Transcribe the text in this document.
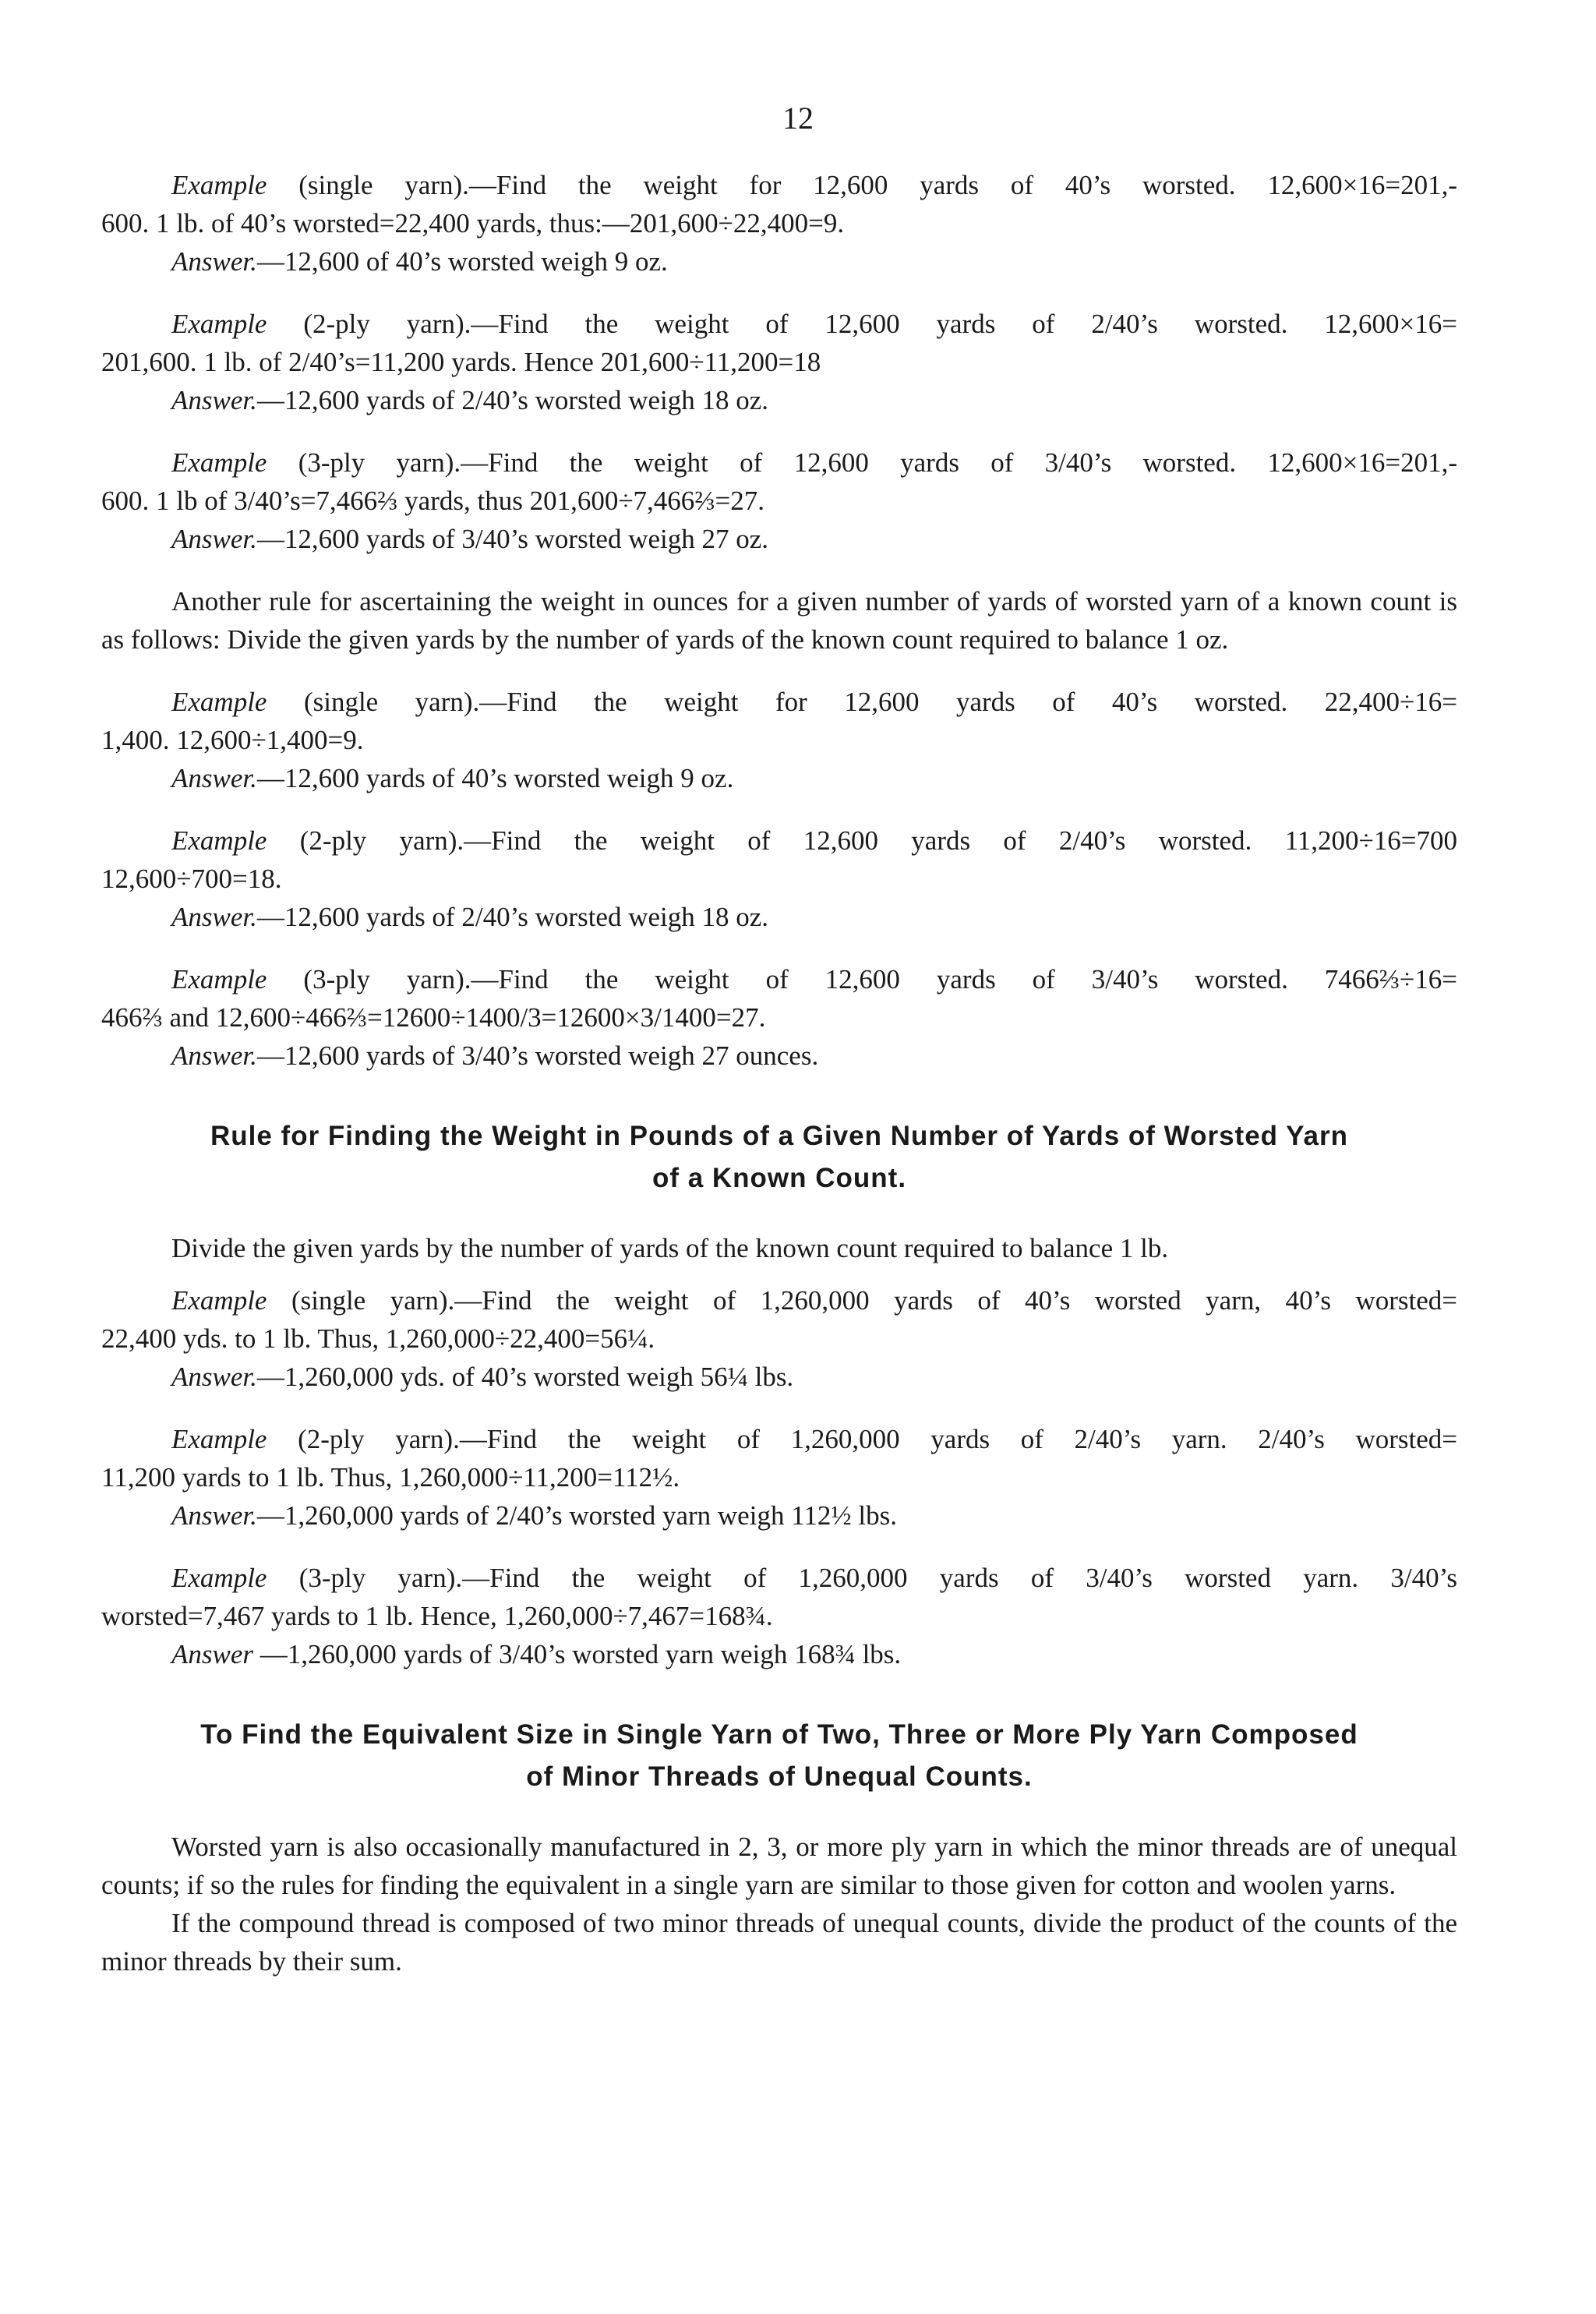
12

Example (single yarn).—Find the weight for 12,600 yards of 40’s worsted. 12,600×16=201,-

600. 1 lb. of 40’s worsted=22,400 yards, thus:—201,600÷22,400=9.

Answer.—12,600 of 40’s worsted weigh 9 oz.

Example (2-ply yarn).—Find the weight of 12,600 yards of 2/40’s worsted. 12,600×16=

201,600. 1 lb. of 2/40’s=11,200 yards. Hence 201,600÷11,200=18

Answer.—12,600 yards of 2/40’s worsted weigh 18 oz.

Example (3-ply yarn).—Find the weight of 12,600 yards of 3/40’s worsted. 12,600×16=201,-

600. 1 lb of 3/40’s=7,466⅔ yards, thus 201,600÷7,466⅔=27.

Answer.—12,600 yards of 3/40’s worsted weigh 27 oz.

Another rule for ascertaining the weight in ounces for a given number of yards of worsted yarn of a known count is as follows: Divide the given yards by the number of yards of the known count required to balance 1 oz.

Example (single yarn).—Find the weight for 12,600 yards of 40’s worsted. 22,400÷16=

1,400. 12,600÷1,400=9.

Answer.—12,600 yards of 40’s worsted weigh 9 oz.

Example (2-ply yarn).—Find the weight of 12,600 yards of 2/40’s worsted. 11,200÷16=700

12,600÷700=18.

Answer.—12,600 yards of 2/40’s worsted weigh 18 oz.

Example (3-ply yarn).—Find the weight of 12,600 yards of 3/40’s worsted. 7466⅔÷16=

466⅔ and 12,600÷466⅔=12600÷1400/3=12600×3/1400=27.

Answer.—12,600 yards of 3/40’s worsted weigh 27 ounces.

Rule for Finding the Weight in Pounds of a Given Number of Yards of Worsted Yarn
of a Known Count.

Divide the given yards by the number of yards of the known count required to balance 1 lb.

Example (single yarn).—Find the weight of 1,260,000 yards of 40’s worsted yarn, 40’s worsted=

22,400 yds. to 1 lb. Thus, 1,260,000÷22,400=56¼.

Answer.—1,260,000 yds. of 40’s worsted weigh 56¼ lbs.

Example (2-ply yarn).—Find the weight of 1,260,000 yards of 2/40’s yarn. 2/40’s worsted=

11,200 yards to 1 lb. Thus, 1,260,000÷11,200=112½.

Answer.—1,260,000 yards of 2/40’s worsted yarn weigh 112½ lbs.

Example (3-ply yarn).—Find the weight of 1,260,000 yards of 3/40’s worsted yarn. 3/40’s

worsted=7,467 yards to 1 lb. Hence, 1,260,000÷7,467=168¾.

Answer —1,260,000 yards of 3/40’s worsted yarn weigh 168¾ lbs.

To Find the Equivalent Size in Single Yarn of Two, Three or More Ply Yarn Composed
of Minor Threads of Unequal Counts.

Worsted yarn is also occasionally manufactured in 2, 3, or more ply yarn in which the minor threads are of unequal counts; if so the rules for finding the equivalent in a single yarn are similar to those given for cotton and woolen yarns.

If the compound thread is composed of two minor threads of unequal counts, divide the product of the counts of the minor threads by their sum.
